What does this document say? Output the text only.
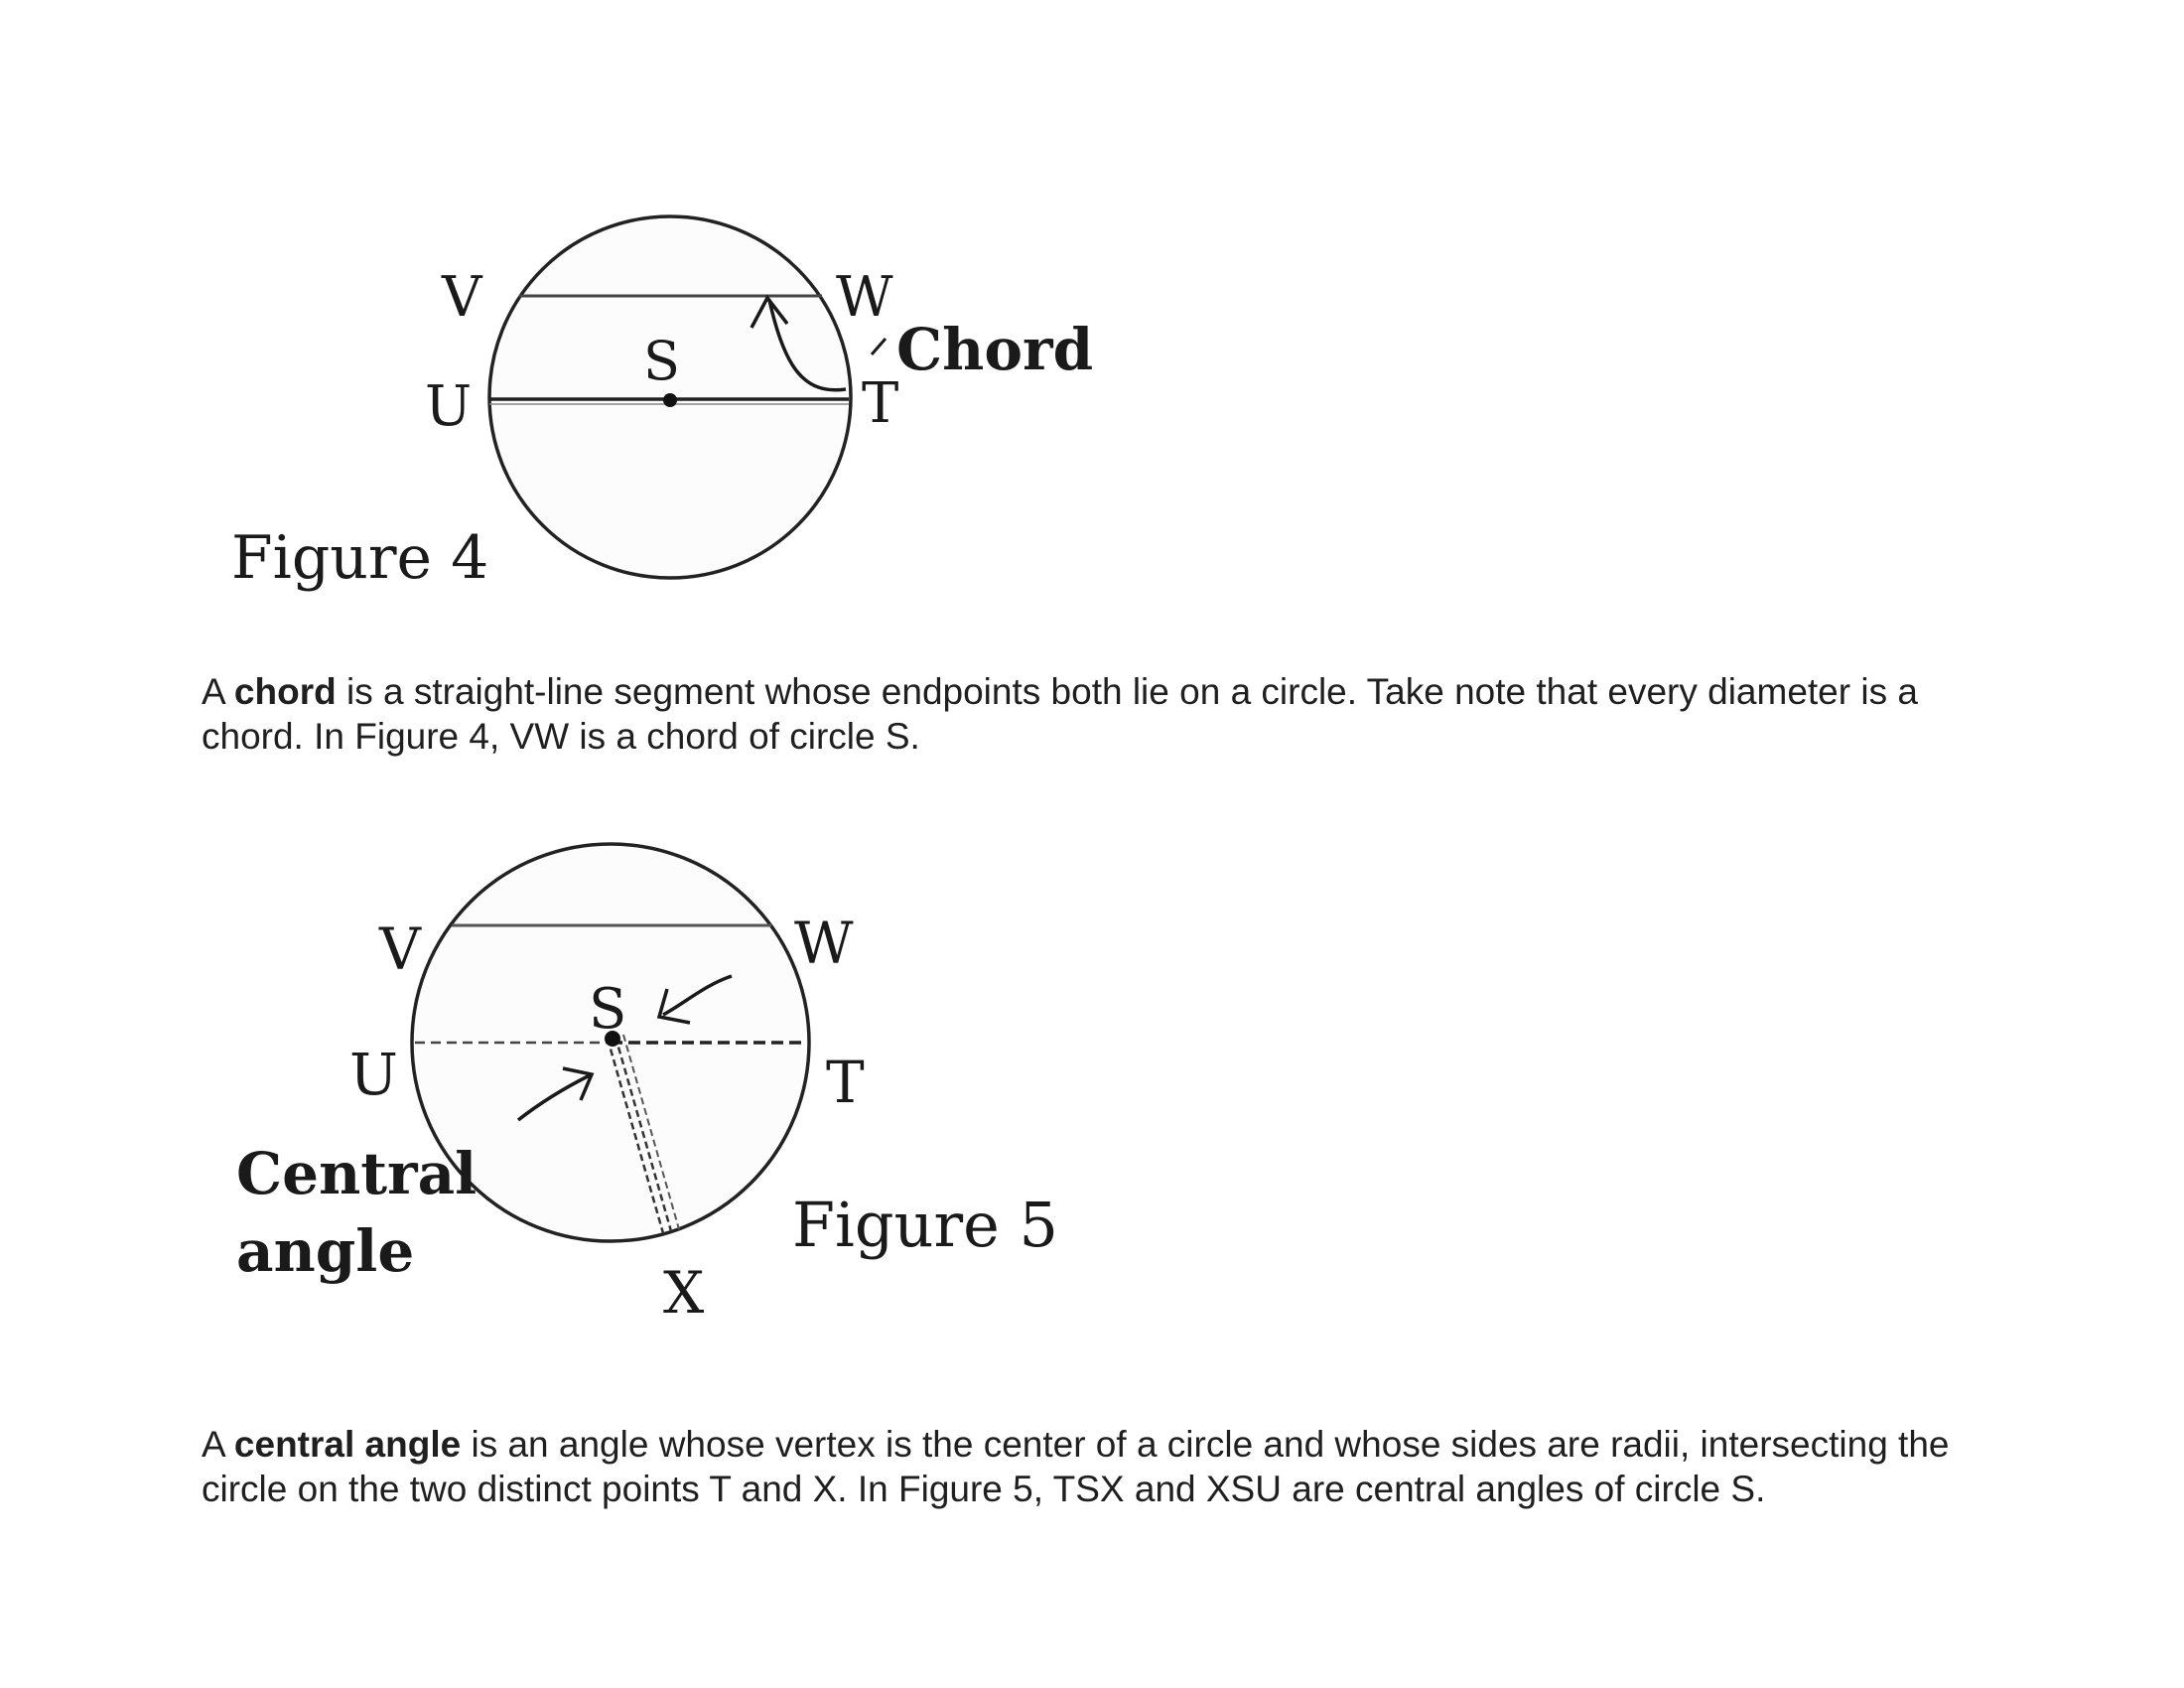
V	W
S
U	T
Chord
Figure 4
V	W
S
U	T
X
Central
angle	Figure 5

A chord is a straight-line segment whose endpoints both lie on a circle. Take note that every diameter is a chord. In Figure 4, VW is a chord of circle S.

A central angle is an angle whose vertex is the center of a circle and whose sides are radii, intersecting the circle on the two distinct points T and X. In Figure 5, TSX and XSU are central angles of circle S.
